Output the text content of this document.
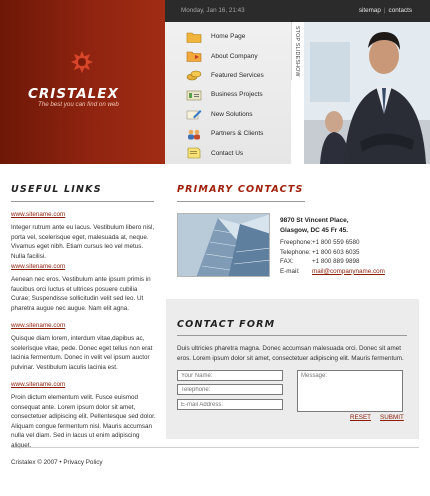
CRISTALEX
The best you can find on web
Monday, Jan 16, 21:43	sitemap | contacts
Home Page
About Company
Featured Services
Business Projects
New Solutions
Partners & Clients
Contact Us
STOP SLIDESHOW
USEFUL LINKS
www.sitename.com

Integer rutrum ante eu lacus. Vestibulum libero nisl, porta vel, scelerisque eget, malesuada at, neque. Vivamus eget nibh. Etiam cursus leo vel metus. Nulla facilisi.

www.sitename.com

Aenean nec eros. Vestibulum ante ipsum primis in faucibus orci luctus et ultrices posuere cubilia Curae; Suspendisse sollicitudin velit sed leo. Ut pharetra augue nec augue. Nam elit agna.

www.sitename.com

Quisque diam lorem, interdum vitae,dapibus ac, scelerisque vitae, pede. Donec eget tellus non erat lacinia fermentum. Donec in velit vel ipsum auctor pulvinar. Vestibulum iaculis lacinia est.

www.sitename.com

Proin dictum elementum velit. Fusce euismod consequat ante. Lorem ipsum dolor sit amet, consectetuer adipiscing elit. Pellentesque sed dolor. Aliquam congue fermentum nisl. Mauris accumsan nulla vel diam. Sed in lacus ut enim adipiscing aliquet.

PRIMARY CONTACTS
9870 St Vincent Place,
Glasgow, DC 45 Fr 45.
Freephone: +1 800 559 6580
Telephone: +1 800 603 6035
FAX:	+1 800 889 9898
E-mail:	mail@companyname.com
CONTACT FORM

Duis ultricies pharetra magna. Donec accumsan malesuada orci. Donec sit amet eros. Lorem ipsum dolor sit amet, consectetuer adipiscing elit. Mauris fermentum.

Your Name:
Telephone:
E-mail Address:
Message:
RESET SUBMIT
Cristalex © 2007 • Privacy Policy
